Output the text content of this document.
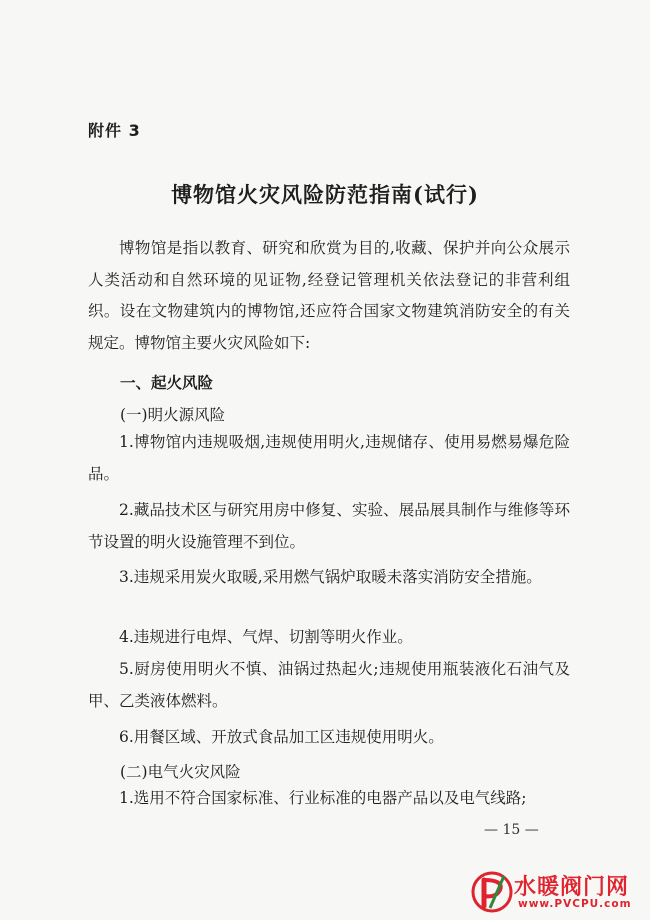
附件 3
博物馆火灾风险防范指南(试行)

博物馆是指以教育、研究和欣赏为目的,收藏、保护并向公众展示人类活动和自然环境的见证物,经登记管理机关依法登记的非营利组织。设在文物建筑内的博物馆,还应符合国家文物建筑消防安全的有关规定。博物馆主要火灾风险如下:

一、起火风险
(一)明火源风险

1.博物馆内违规吸烟,违规使用明火,违规储存、使用易燃易爆危险品。

2.藏品技术区与研究用房中修复、实验、展品展具制作与维修等环节设置的明火设施管理不到位。

3.违规采用炭火取暖,采用燃气锅炉取暖未落实消防安全措施。

4.违规进行电焊、气焊、切割等明火作业。

5.厨房使用明火不慎、油锅过热起火;违规使用瓶装液化石油气及甲、乙类液体燃料。

6.用餐区域、开放式食品加工区违规使用明火。

(二)电气火灾风险

1.选用不符合国家标准、行业标准的电器产品以及电气线路;

— 15 —
水暖阀门网
www.PVCPU.com
